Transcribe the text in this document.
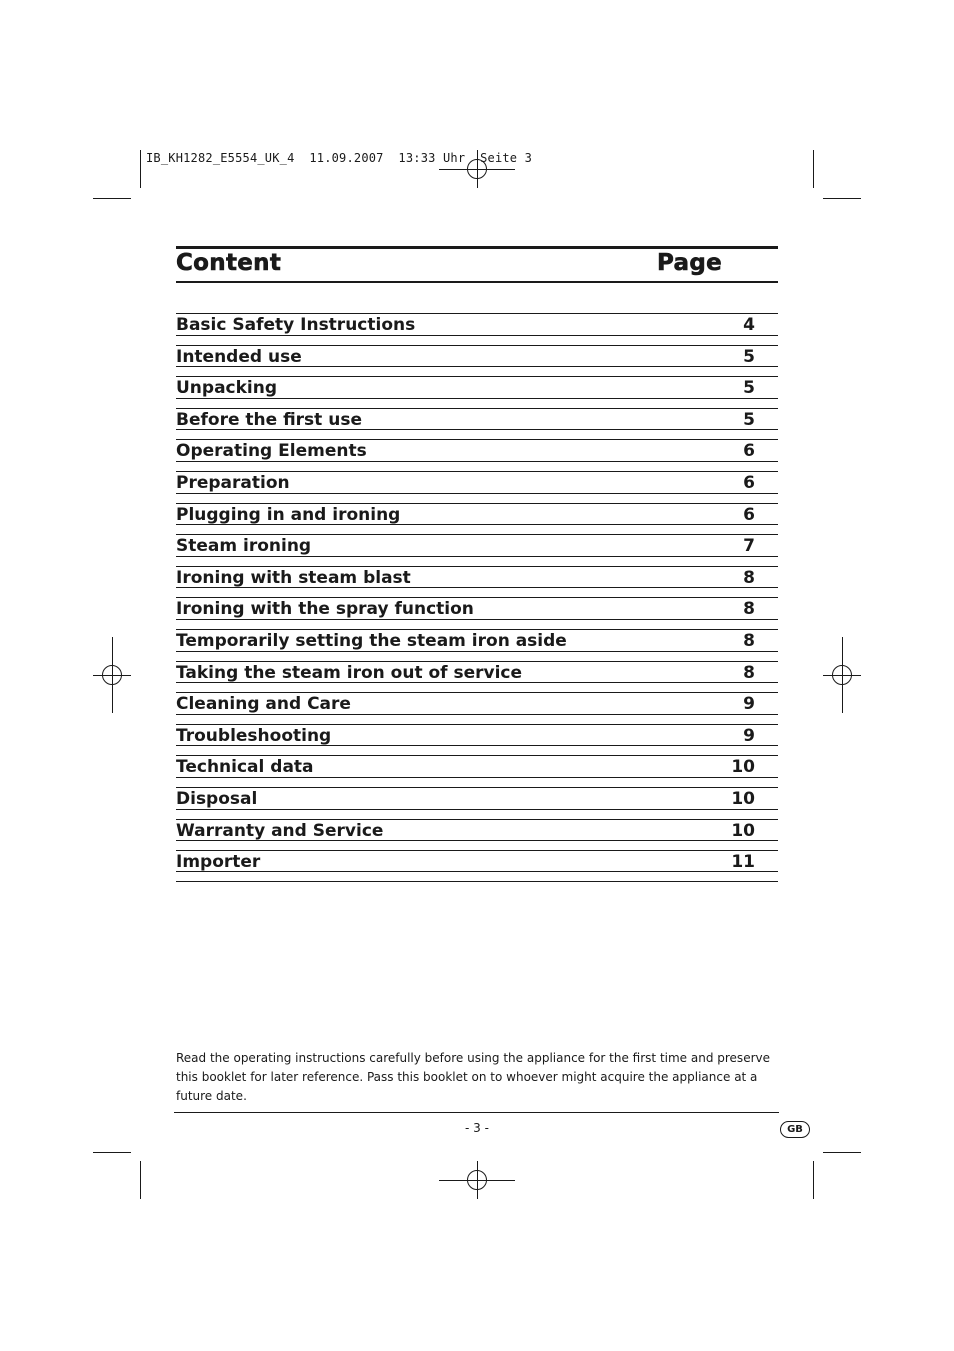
IB_KH1282_E5554_UK_4  11.09.2007  13:33 Uhr  Seite 3
Content	Page
Basic Safety Instructions	4
Intended use	5
Unpacking	5
Before the first use	5
Operating Elements	6
Preparation	6
Plugging in and ironing	6
Steam ironing	7
Ironing with steam blast	8
Ironing with the spray function	8
Temporarily setting the steam iron aside	8
Taking the steam iron out of service	8
Cleaning and Care	9
Troubleshooting	9
Technical data	10
Disposal	10
Warranty and Service	10
Importer	11
Read the operating instructions carefully before using the appliance for the first time and preserve this booklet for later reference. Pass this booklet on to whoever might acquire the appliance at a future date.
- 3 -	GB
